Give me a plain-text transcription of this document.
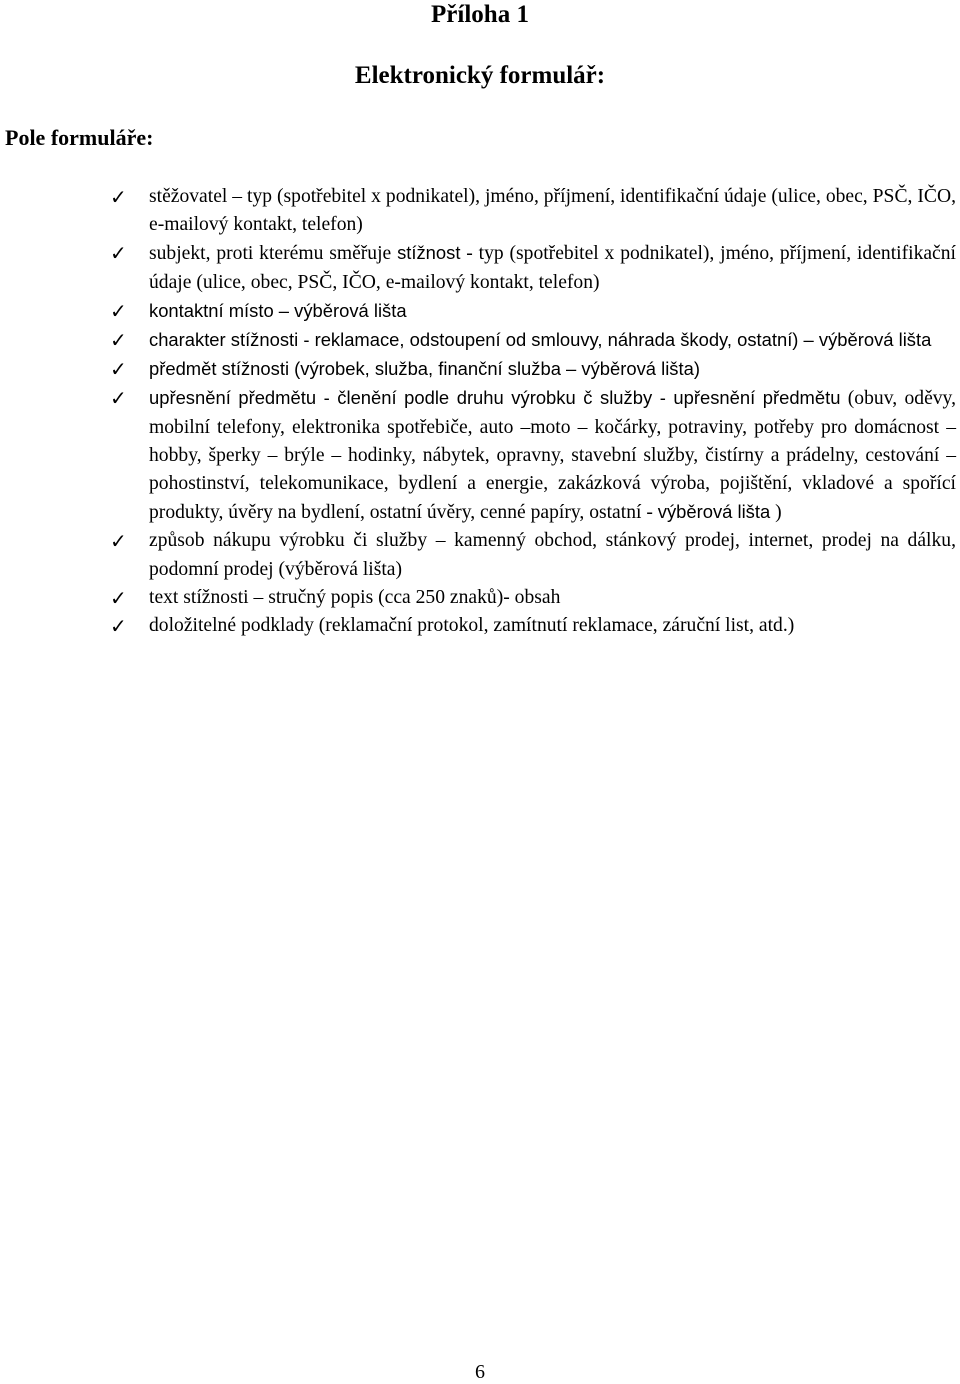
Příloha 1
Elektronický formulář:
Pole formuláře:
✓ stěžovatel – typ (spotřebitel x podnikatel), jméno, příjmení, identifikační údaje (ulice, obec, PSČ, IČO, e-mailový kontakt, telefon)
✓ subjekt, proti kterému směřuje stížnost - typ (spotřebitel x podnikatel), jméno, příjmení, identifikační údaje (ulice, obec, PSČ, IČO, e-mailový kontakt, telefon)
✓ kontaktní místo – výběrová lišta
✓ charakter stížnosti - reklamace, odstoupení od smlouvy, náhrada škody, ostatní) – výběrová lišta
✓ předmět stížnosti (výrobek, služba, finanční služba – výběrová lišta)
✓ upřesnění předmětu - členění podle druhu výrobku č služby - upřesnění předmětu (obuv, oděvy, mobilní telefony, elektronika spotřebiče, auto –moto – kočárky, potraviny, potřeby pro domácnost – hobby, šperky – brýle – hodinky, nábytek, opravny, stavební služby, čistírny a prádelny, cestování – pohostinství, telekomunikace, bydlení a energie, zakázková výroba, pojištění, vkladové a spořící produkty, úvěry na bydlení, ostatní úvěry, cenné papíry, ostatní - výběrová lišta )
✓ způsob nákupu výrobku či služby – kamenný obchod, stánkový prodej, internet, prodej na dálku, podomní prodej (výběrová lišta)
✓ text stížnosti – stručný popis (cca 250 znaků)- obsah
✓ doložitelné podklady (reklamační protokol, zamítnutí reklamace, záruční list, atd.)
6
